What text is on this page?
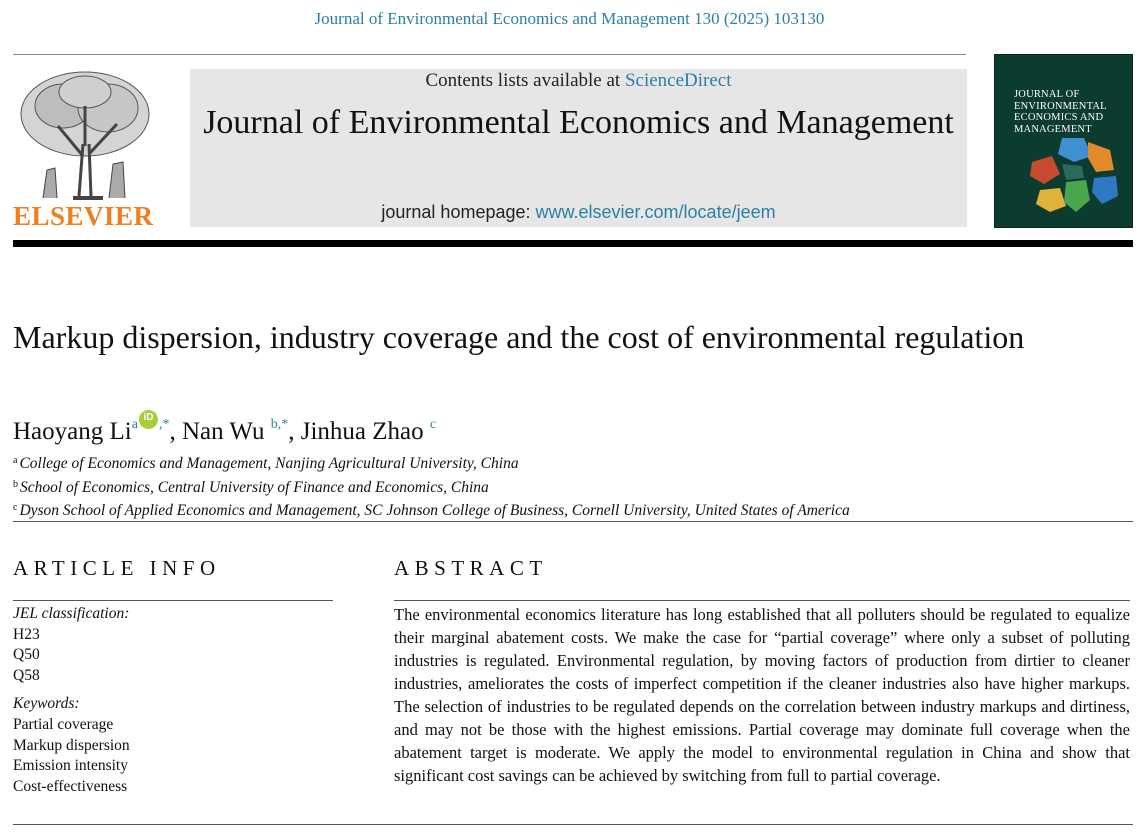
Journal of Environmental Economics and Management 130 (2025) 103130
ELSEVIER
Contents lists available at ScienceDirect
Journal of Environmental Economics and Management
journal homepage: www.elsevier.com/locate/jeem
JOURNAL OF ENVIRONMENTAL ECONOMICS AND MANAGEMENT
Markup dispersion, industry coverage and the cost of environmental regulation
Haoyang Li$^a$ iD ,*, Nan Wu $^{b,*}$, Jinhua Zhao $^c$
$^a$ College of Economics and Management, Nanjing Agricultural University, China
$^b$ School of Economics, Central University of Finance and Economics, China
$^c$ Dyson School of Applied Economics and Management, SC Johnson College of Business, Cornell University, United States of America
ARTICLE INFO
JEL classification:
H23
Q50
Q58
Keywords:
Partial coverage
Markup dispersion
Emission intensity
Cost-effectiveness
ABSTRACT
The environmental economics literature has long established that all polluters should be regulated to equalize their marginal abatement costs. We make the case for “partial coverage” where only a subset of polluting industries is regulated. Environmental regulation, by moving factors of production from dirtier to cleaner industries, ameliorates the costs of imperfect competition if the cleaner industries also have higher markups. The selection of industries to be regulated depends on the correlation between industry markups and dirtiness, and may not be those with the highest emissions. Partial coverage may dominate full coverage when the abatement target is moderate. We apply the model to environmental regulation in China and show that significant cost savings can be achieved by switching from full to partial coverage.
